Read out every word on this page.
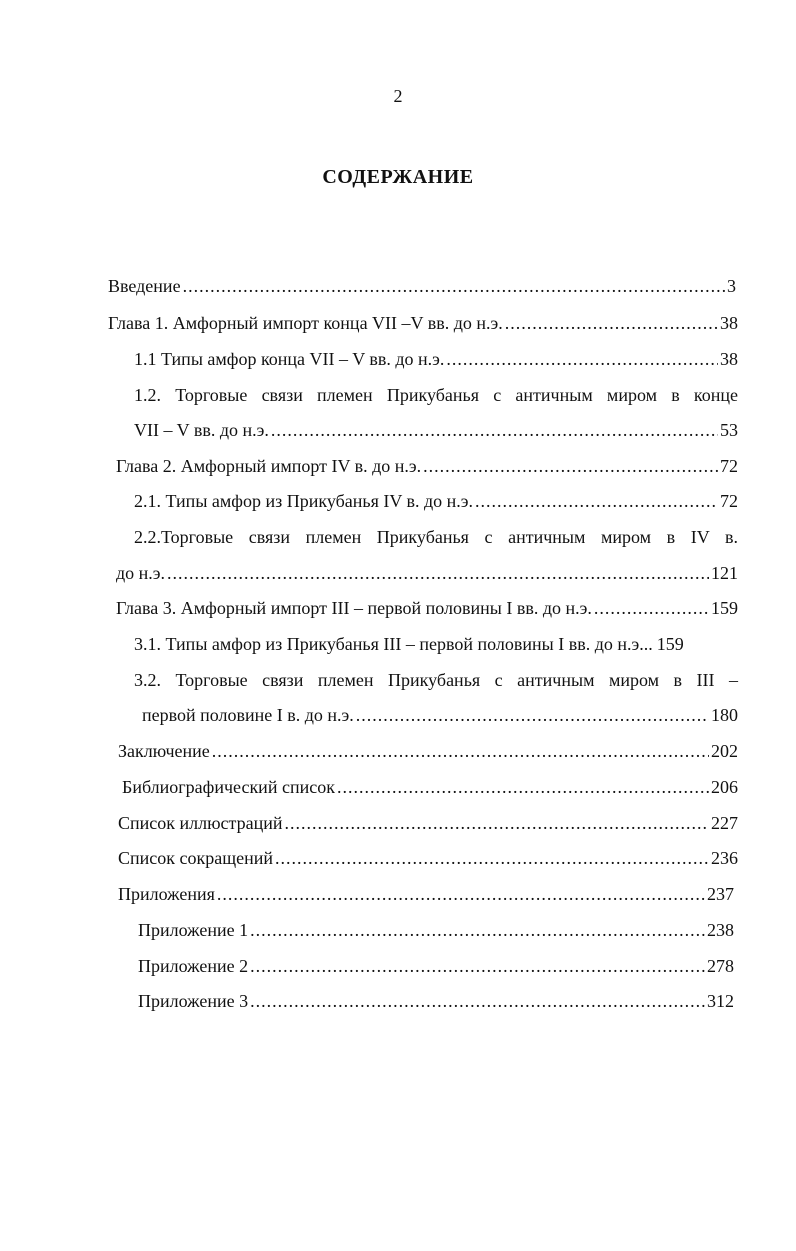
2
СОДЕРЖАНИЕ
Введение .....	3
Глава 1. Амфорный импорт конца VII –V вв. до н.э. .....	38
1.1 Типы амфор конца VII – V вв. до н.э. .....	38
1.2. Торговые связи племен Прикубанья с античным миром в конце
VII – V вв. до н.э. .....	53
Глава 2. Амфорный импорт IV в. до н.э. .....	72
2.1. Типы амфор из Прикубанья IV в. до н.э. .....	72
2.2.Торговые связи племен Прикубанья с античным миром в IV в.
до н.э. .....	121
Глава 3. Амфорный импорт III – первой половины I вв. до н.э. .....	159
3.1. Типы амфор из Прикубанья III – первой половины I вв. до н.э... 159
3.2. Торговые связи племен Прикубанья с античным миром в III –
первой половине I в. до н.э. .....	180
Заключение .....	202
Библиографический список .....	206
Список иллюстраций .....	227
Список сокращений .....	236
Приложения .....	237
Приложение 1 .....	238
Приложение 2 .....	278
Приложение 3 .....	312
